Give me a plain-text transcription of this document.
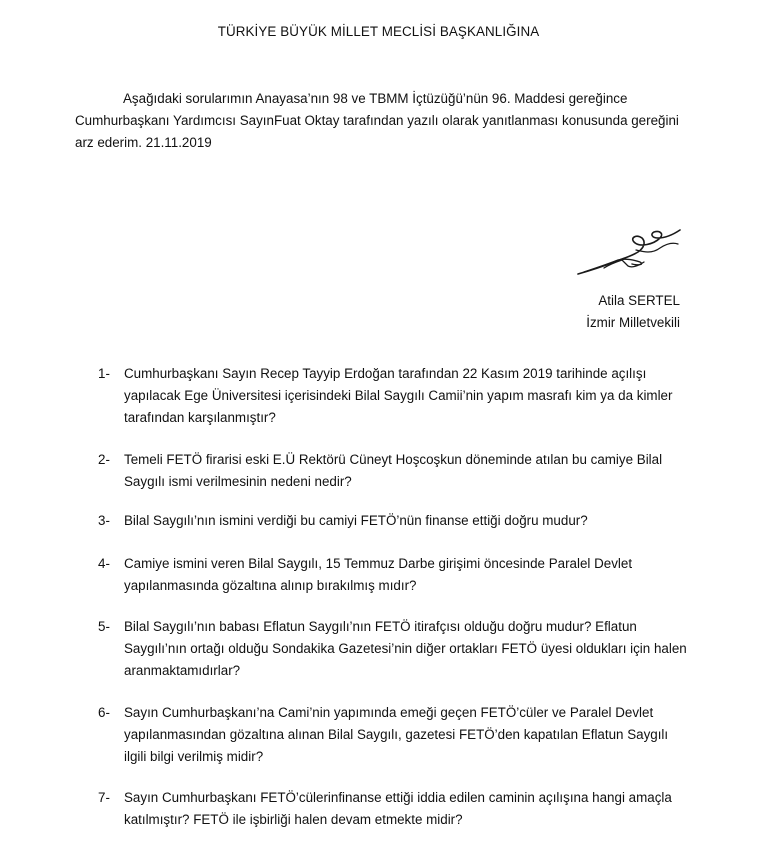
TÜRKİYE BÜYÜK MİLLET MECLİSİ BAŞKANLIĞINA

Aşağıdaki sorularımın Anayasa’nın 98 ve TBMM İçtüzüğü’nün 96. Maddesi gereğince Cumhurbaşkanı Yardımcısı SayınFuat Oktay tarafından yazılı olarak yanıtlanması konusunda gereğini arz ederim. 21.11.2019

Atila SERTEL
İzmir Milletvekili
1-	Cumhurbaşkanı Sayın Recep Tayyip Erdoğan tarafından 22 Kasım 2019 tarihinde açılışı yapılacak Ege Üniversitesi içerisindeki Bilal Saygılı Camii’nin yapım masrafı kim ya da kimler tarafından karşılanmıştır?
2-	Temeli FETÖ firarisi eski E.Ü Rektörü Cüneyt Hoşcoşkun döneminde atılan bu camiye Bilal Saygılı ismi verilmesinin nedeni nedir?
3-	Bilal Saygılı’nın ismini verdiği bu camiyi FETÖ’nün finanse ettiği doğru mudur?
4-	Camiye ismini veren Bilal Saygılı, 15 Temmuz Darbe girişimi öncesinde Paralel Devlet yapılanmasında gözaltına alınıp bırakılmış mıdır?
5-	Bilal Saygılı’nın babası Eflatun Saygılı’nın FETÖ itirafçısı olduğu doğru mudur? Eflatun Saygılı’nın ortağı olduğu Sondakika Gazetesi’nin diğer ortakları FETÖ üyesi oldukları için halen aranmaktamıdırlar?
6-	Sayın Cumhurbaşkanı’na Cami’nin yapımında emeği geçen FETÖ’cüler ve Paralel Devlet yapılanmasından gözaltına alınan Bilal Saygılı, gazetesi FETÖ’den kapatılan Eflatun Saygılı ilgili bilgi verilmiş midir?
7-	Sayın Cumhurbaşkanı FETÖ’cülerinfinanse ettiği iddia edilen caminin açılışına hangi amaçla katılmıştır? FETÖ ile işbirliği halen devam etmekte midir?
